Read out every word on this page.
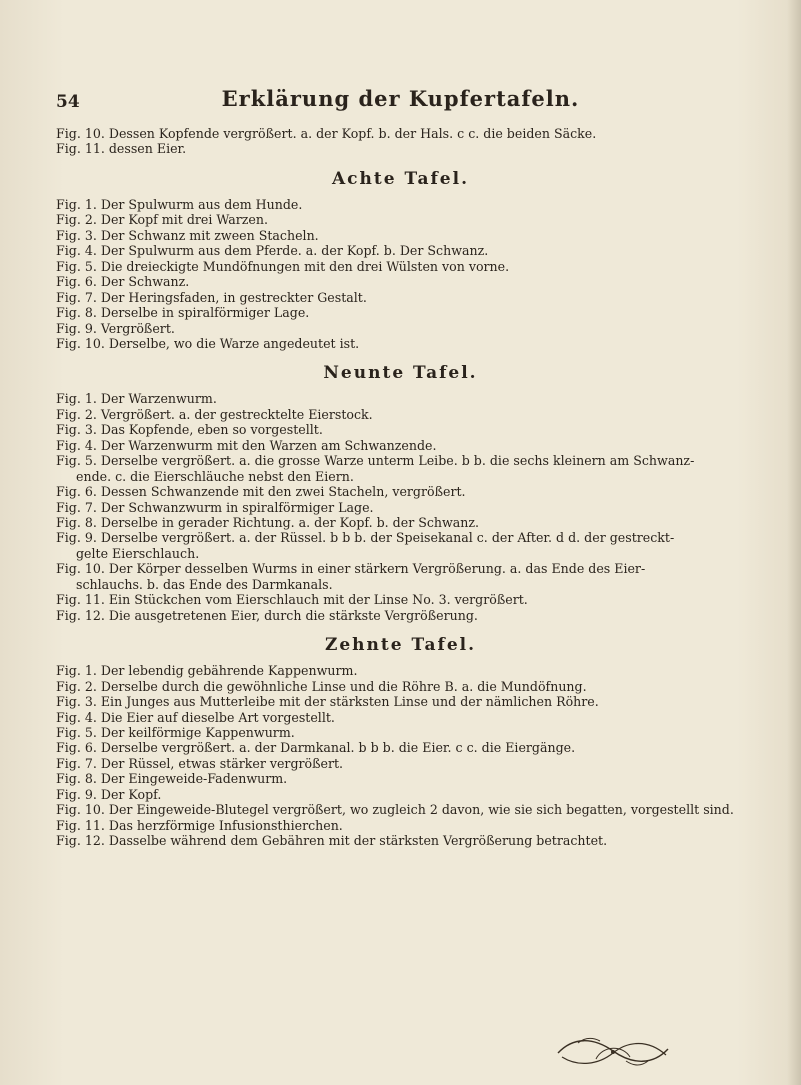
54	Erklärung der Kupfertafeln.
Fig. 10. Dessen Kopfende vergrößert. a. der Kopf. b. der Hals. c c. die beiden Säcke.
Fig. 11. dessen Eier.
Achte Tafel.
Fig. 1. Der Spulwurm aus dem Hunde.
Fig. 2. Der Kopf mit drei Warzen.
Fig. 3. Der Schwanz mit zween Stacheln.
Fig. 4. Der Spulwurm aus dem Pferde. a. der Kopf. b. Der Schwanz.
Fig. 5. Die dreieckigte Mundöfnungen mit den drei Wülsten von vorne.
Fig. 6. Der Schwanz.
Fig. 7. Der Heringsfaden, in gestreckter Gestalt.
Fig. 8. Derselbe in spiralförmiger Lage.
Fig. 9. Vergrößert.
Fig. 10. Derselbe, wo die Warze angedeutet ist.
Neunte Tafel.
Fig. 1. Der Warzenwurm.
Fig. 2. Vergrößert. a. der gestrecktelte Eierstock.
Fig. 3. Das Kopfende, eben so vorgestellt.
Fig. 4. Der Warzenwurm mit den Warzen am Schwanzende.
Fig. 5. Derselbe vergrößert. a. die grosse Warze unterm Leibe. b b. die sechs kleinern am Schwanz-
ende. c. die Eierschläuche nebst den Eiern.
Fig. 6. Dessen Schwanzende mit den zwei Stacheln, vergrößert.
Fig. 7. Der Schwanzwurm in spiralförmiger Lage.
Fig. 8. Derselbe in gerader Richtung. a. der Kopf. b. der Schwanz.
Fig. 9. Derselbe vergrößert. a. der Rüssel. b b b. der Speisekanal c. der After. d d. der gestreckt-
gelte Eierschlauch.
Fig. 10. Der Körper desselben Wurms in einer stärkern Vergrößerung. a. das Ende des Eier-
schlauchs. b. das Ende des Darmkanals.
Fig. 11. Ein Stückchen vom Eierschlauch mit der Linse No. 3. vergrößert.
Fig. 12. Die ausgetretenen Eier, durch die stärkste Vergrößerung.
Zehnte Tafel.
Fig. 1. Der lebendig gebährende Kappenwurm.
Fig. 2. Derselbe durch die gewöhnliche Linse und die Röhre B. a. die Mundöfnung.
Fig. 3. Ein Junges aus Mutterleibe mit der stärksten Linse und der nämlichen Röhre.
Fig. 4. Die Eier auf dieselbe Art vorgestellt.
Fig. 5. Der keilförmige Kappenwurm.
Fig. 6. Derselbe vergrößert. a. der Darmkanal. b b b. die Eier. c c. die Eiergänge.
Fig. 7. Der Rüssel, etwas stärker vergrößert.
Fig. 8. Der Eingeweide-Fadenwurm.
Fig. 9. Der Kopf.
Fig. 10. Der Eingeweide-Blutegel vergrößert, wo zugleich 2 davon, wie sie sich begatten, vorgestellt sind.
Fig. 11. Das herzförmige Infusionsthierchen.
Fig. 12. Dasselbe während dem Gebähren mit der stärksten Vergrößerung betrachtet.
